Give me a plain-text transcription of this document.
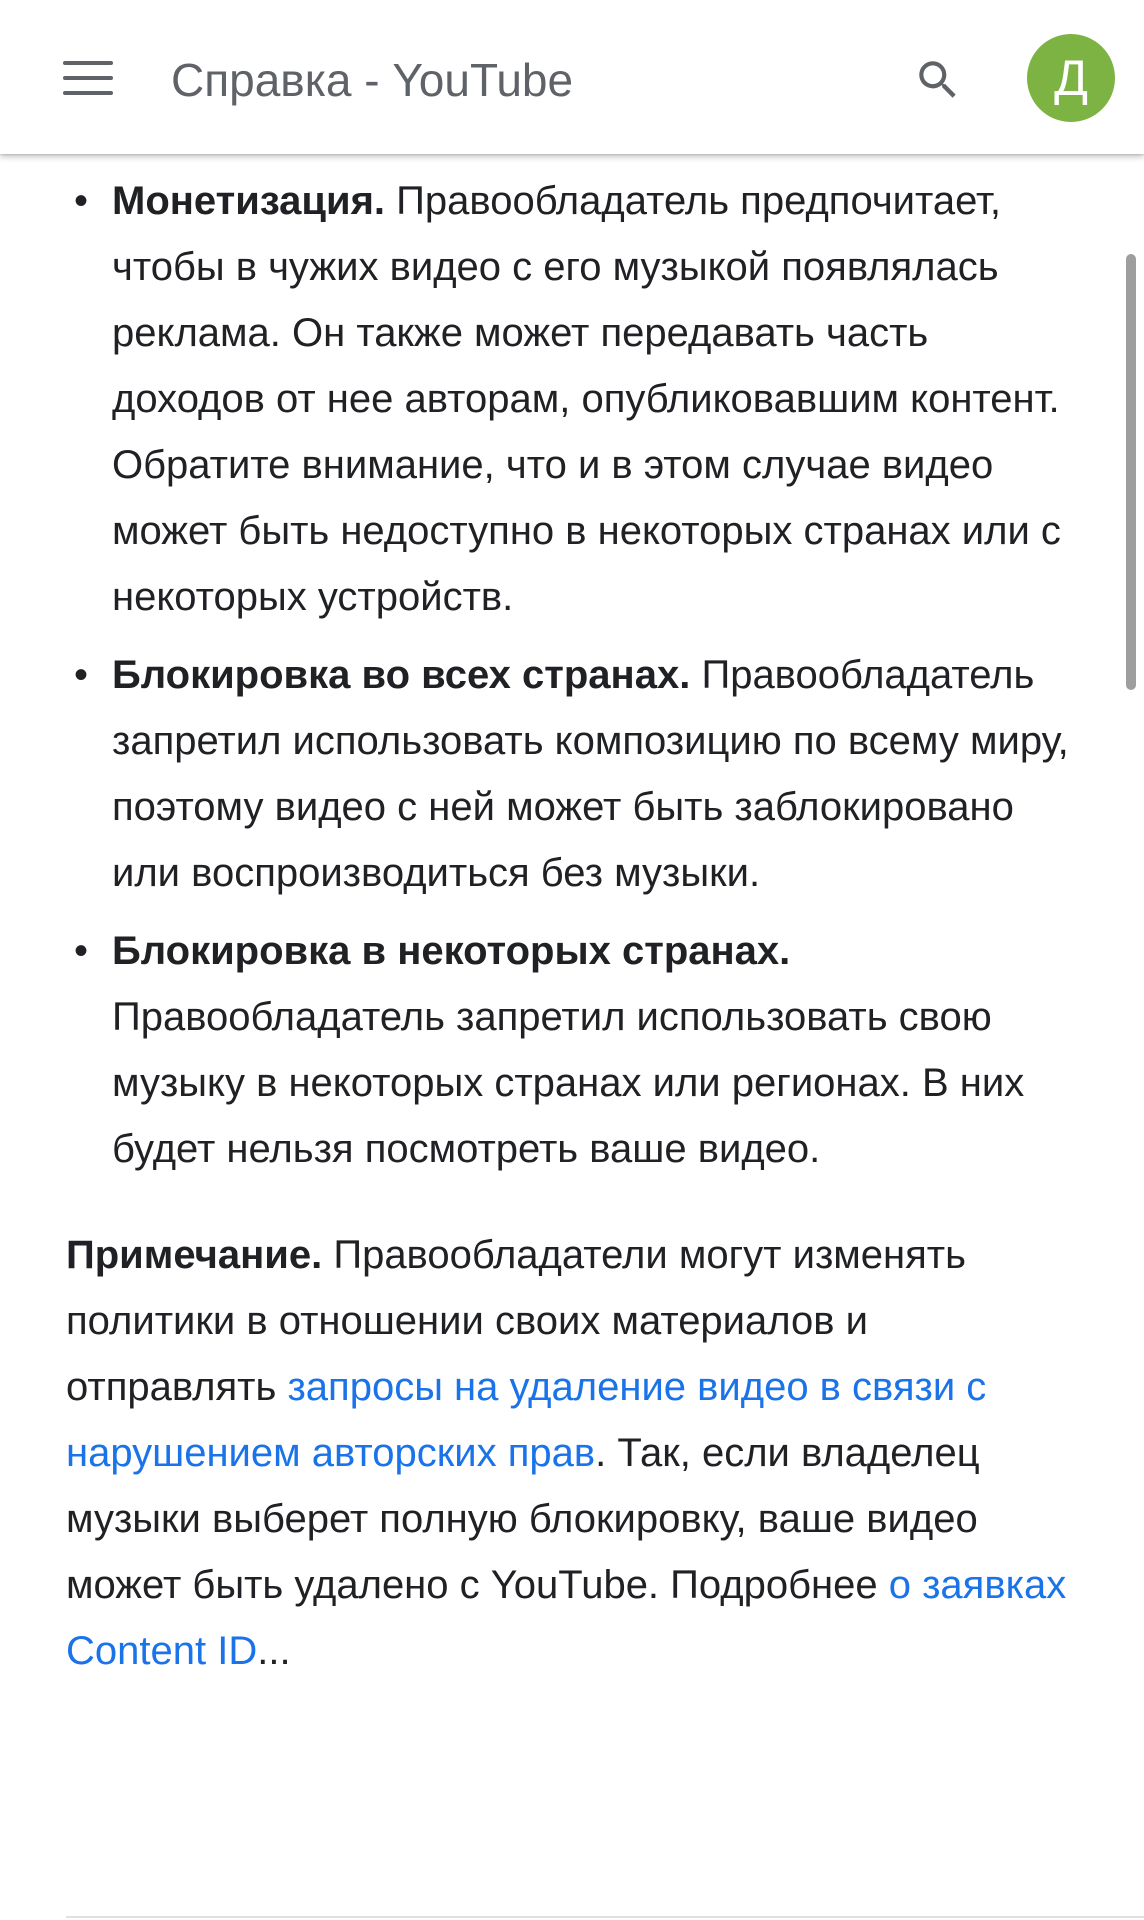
Справка - YouTube	Д
• Монетизация. Правообладатель предпочитает, чтобы в чужих видео с его музыкой появлялась реклама. Он также может передавать часть доходов от нее авторам, опубликовавшим контент. Обратите внимание, что и в этом случае видео может быть недоступно в некоторых странах или с некоторых устройств.
• Блокировка во всех странах. Правообладатель запретил использовать композицию по всему миру, поэтому видео с ней может быть заблокировано или воспроизводиться без музыки.
• Блокировка в некоторых странах. Правообладатель запретил использовать свою музыку в некоторых странах или регионах. В них будет нельзя посмотреть ваше видео.

Примечание. Правообладатели могут изменять политики в отношении своих материалов и отправлять запросы на удаление видео в связи с нарушением авторских прав. Так, если владелец музыки выберет полную блокировку, ваше видео может быть удалено с YouTube. Подробнее о заявках Content ID...
